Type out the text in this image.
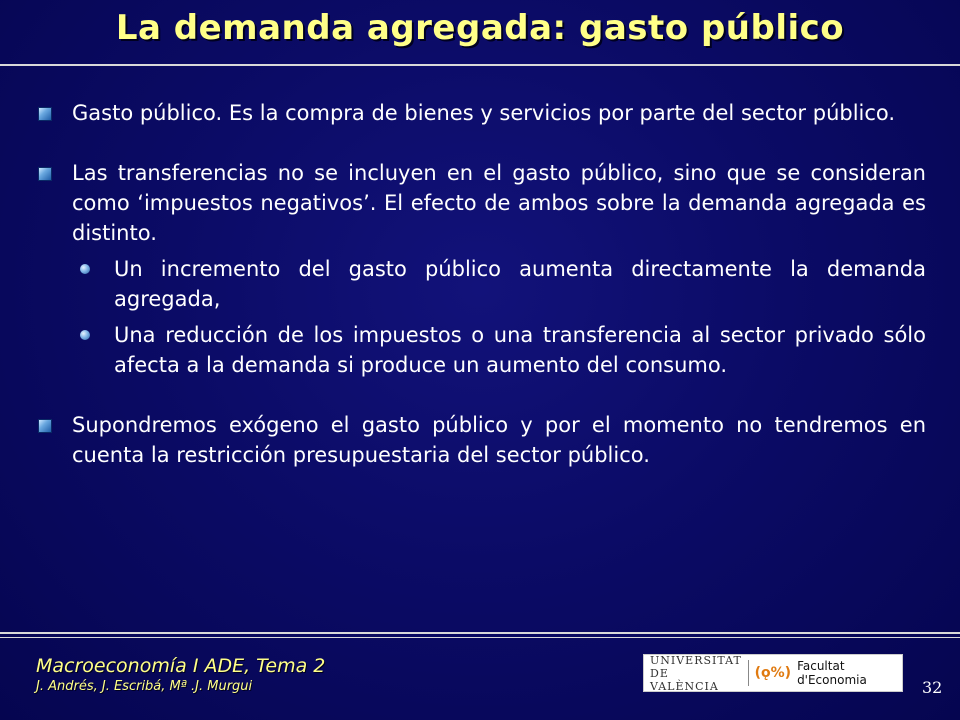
La demanda agregada: gasto público
Gasto público. Es la compra de bienes y servicios por parte del sector público.
Las transferencias no se incluyen en el gasto público, sino que se consideran como ‘impuestos negativos’. El efecto de ambos sobre la demanda agregada es distinto.
Un incremento del gasto público aumenta directamente la demanda agregada,
Una reducción de los impuestos o una transferencia al sector privado sólo afecta a la demanda si produce un aumento del consumo.
Supondremos exógeno el gasto público y por el momento no tendremos en cuenta la restricción presupuestaria del sector público.
Macroeconomía I ADE, Tema 2
J. Andrés, J. Escribá, Mª .J. Murgui
UNIVERSITAT
DE VALÈNCIA
(ǫ%) Facultat d'Economia	32
